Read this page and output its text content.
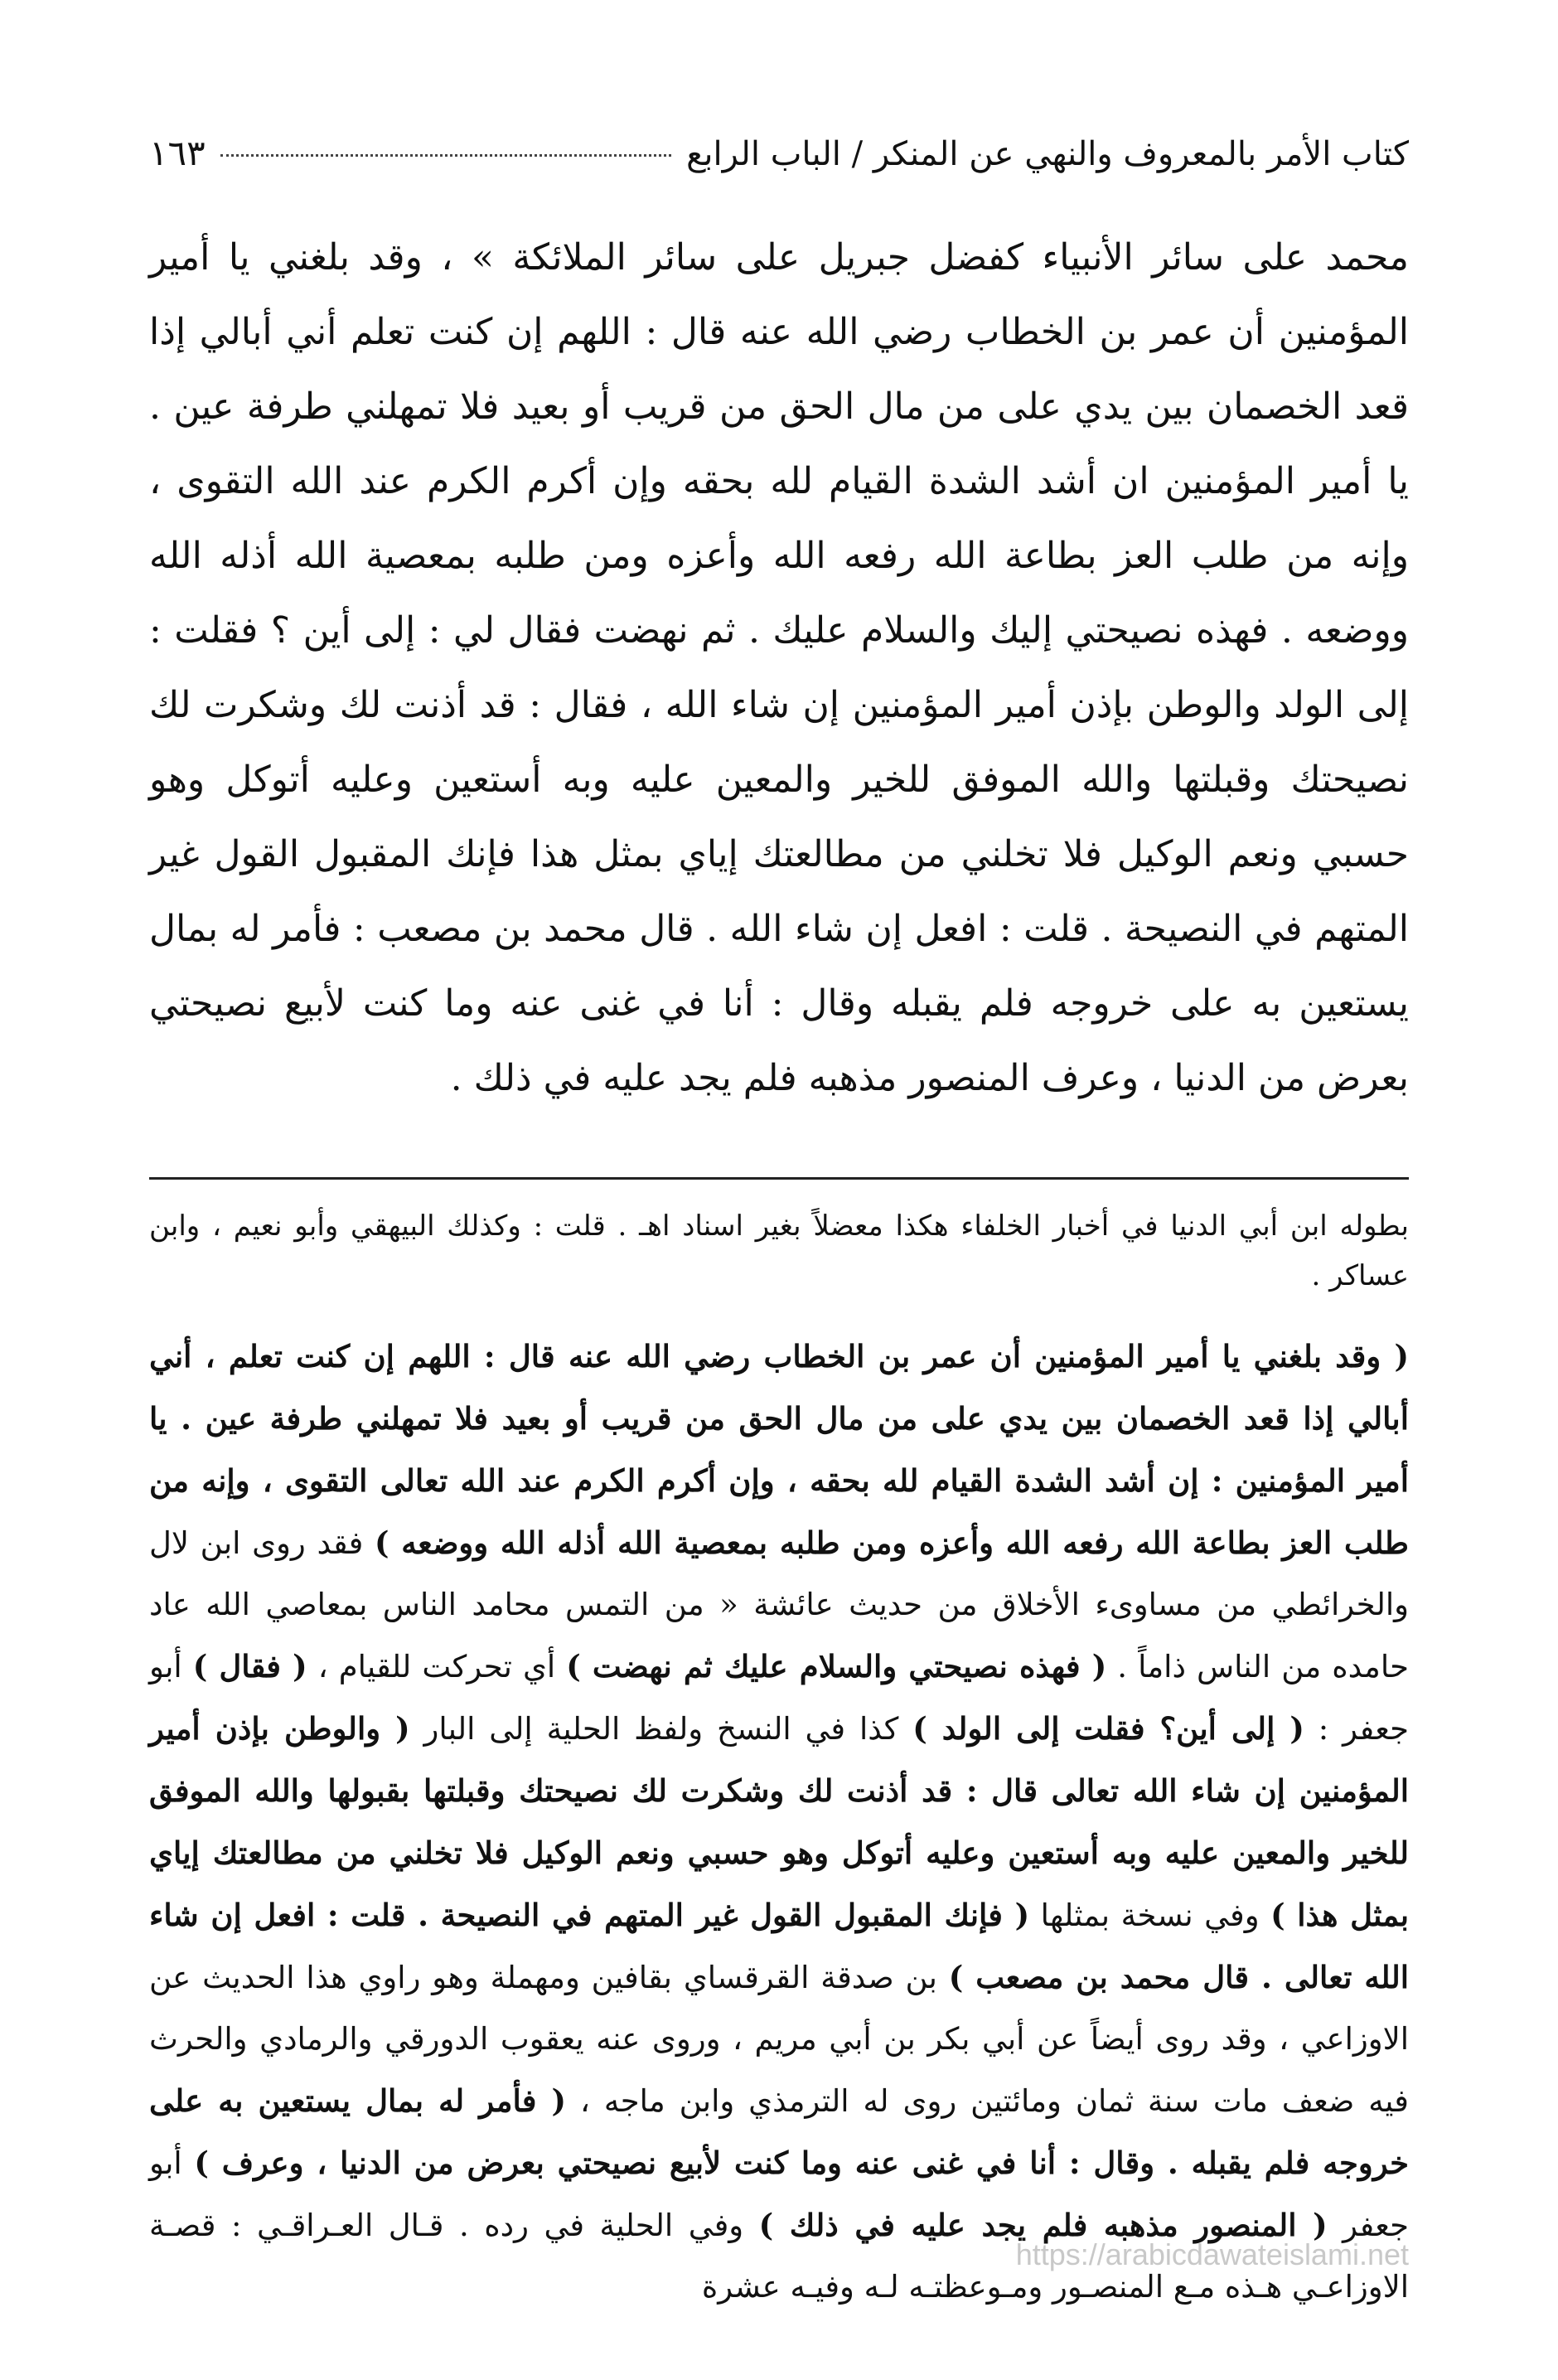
كتاب الأمر بالمعروف والنهي عن المنكر / الباب الرابع
١٦٣

محمد على سائر الأنبياء كفضل جبريل على سائر الملائكة » ، وقد بلغني يا أمير المؤمنين أن عمر بن الخطاب رضي الله عنه قال : اللهم إن كنت تعلم أني أبالي إذا قعد الخصمان بين يدي على من مال الحق من قريب أو بعيد فلا تمهلني طرفة عين . يا أمير المؤمنين ان أشد الشدة القيام لله بحقه وإن أكرم الكرم عند الله التقوى ، وإنه من طلب العز بطاعة الله رفعه الله وأعزه ومن طلبه بمعصية الله أذله الله ووضعه . فهذه نصيحتي إليك والسلام عليك . ثم نهضت فقال لي : إلى أين ؟ فقلت : إلى الولد والوطن بإذن أمير المؤمنين إن شاء الله ، فقال : قد أذنت لك وشكرت لك نصيحتك وقبلتها والله الموفق للخير والمعين عليه وبه أستعين وعليه أتوكل وهو حسبي ونعم الوكيل فلا تخلني من مطالعتك إياي بمثل هذا فإنك المقبول القول غير المتهم في النصيحة . قلت : افعل إن شاء الله . قال محمد بن مصعب : فأمر له بمال يستعين به على خروجه فلم يقبله وقال : أنا في غنى عنه وما كنت لأبيع نصيحتي بعرض من الدنيا ، وعرف المنصور مذهبه فلم يجد عليه في ذلك .

بطوله ابن أبي الدنيا في أخبار الخلفاء هكذا معضلاً بغير اسناد اهـ . قلت : وكذلك البيهقي وأبو نعيم ، وابن عساكر .

( وقد بلغني يا أمير المؤمنين أن عمر بن الخطاب رضي الله عنه قال : اللهم إن كنت تعلم ، أني أبالي إذا قعد الخصمان بين يدي على من مال الحق من قريب أو بعيد فلا تمهلني طرفة عين . يا أمير المؤمنين : إن أشد الشدة القيام لله بحقه ، وإن أكرم الكرم عند الله تعالى التقوى ، وإنه من طلب العز بطاعة الله رفعه الله وأعزه ومن طلبه بمعصية الله أذله الله ووضعه ) فقد روى ابن لال والخرائطي من مساوىء الأخلاق من حديث عائشة « من التمس محامد الناس بمعاصي الله عاد حامده من الناس ذاماً . ( فهذه نصيحتي والسلام عليك ثم نهضت ) أي تحركت للقيام ، ( فقال ) أبو جعفر : ( إلى أين؟ فقلت إلى الولد ) كذا في النسخ ولفظ الحلية إلى البار ( والوطن بإذن أمير المؤمنين إن شاء الله تعالى قال : قد أذنت لك وشكرت لك نصيحتك وقبلتها بقبولها والله الموفق للخير والمعين عليه وبه أستعين وعليه أتوكل وهو حسبي ونعم الوكيل فلا تخلني من مطالعتك إياي بمثل هذا ) وفي نسخة بمثلها ( فإنك المقبول القول غير المتهم في النصيحة . قلت : افعل إن شاء الله تعالى . قال محمد بن مصعب ) بن صدقة القرقساي بقافين ومهملة وهو راوي هذا الحديث عن الاوزاعي ، وقد روى أيضاً عن أبي بكر بن أبي مريم ، وروى عنه يعقوب الدورقي والرمادي والحرث فيه ضعف مات سنة ثمان ومائتين روى له الترمذي وابن ماجه ، ( فأمر له بمال يستعين به على خروجه فلم يقبله . وقال : أنا في غنى عنه وما كنت لأبيع نصيحتي بعرض من الدنيا ، وعرف ) أبو جعفر ( المنصور مذهبه فلم يجد عليه في ذلك ) وفي الحلية في رده . قـال العـراقـي : قصـة الاوزاعـي هـذه مـع المنصـور ومـوعظتـه لـه وفيـه عشرة

https://arabicdawateislami.net
